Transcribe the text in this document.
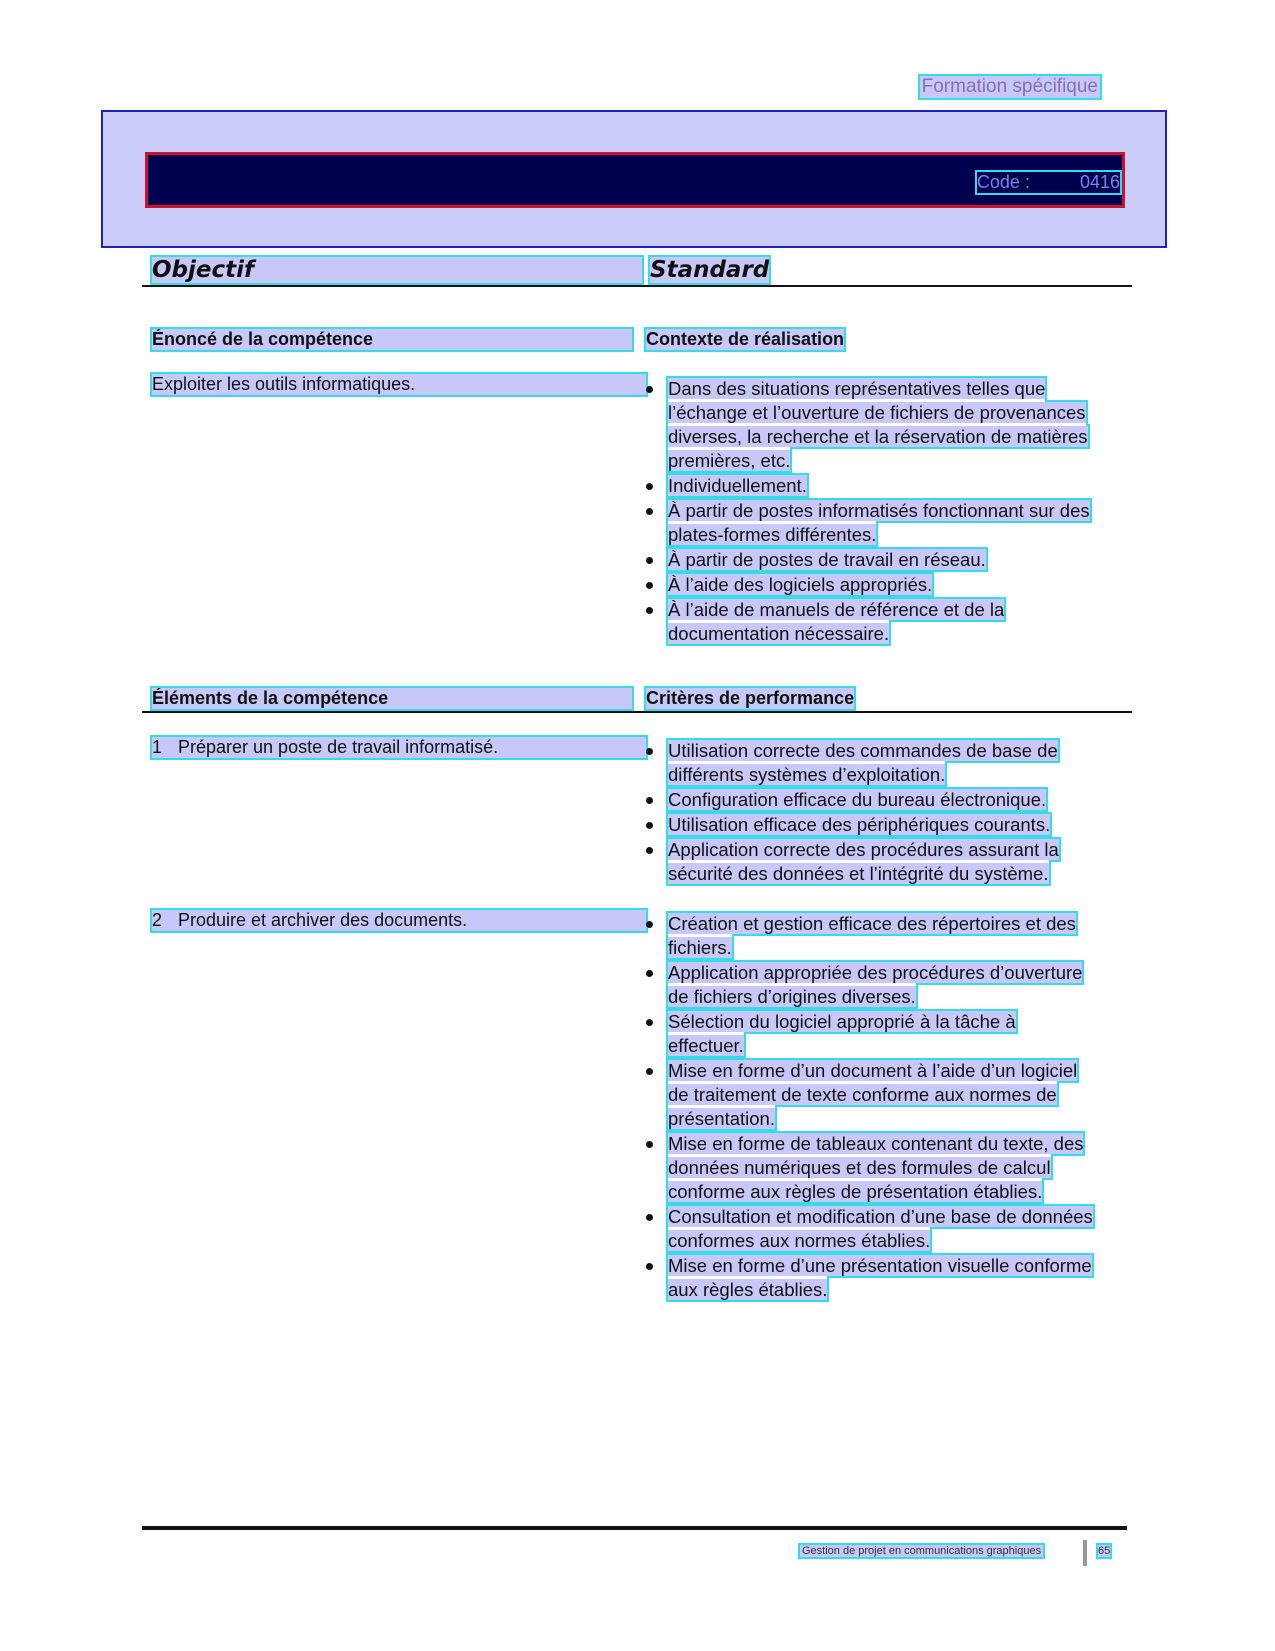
Formation spécifique
Code :	0416
Objectif	Standard
Énoncé de la compétence	Contexte de réalisation
Exploiter les outils informatiques.	Dans des situations représentatives telles que l’échange et l’ouverture de fichiers de provenances diverses, la recherche et la réservation de matières premières, etc.
Individuellement.
À partir de postes informatisés fonctionnant sur des plates-formes différentes.
À partir de postes de travail en réseau.
À l’aide des logiciels appropriés.
À l’aide de manuels de référence et de la documentation nécessaire.
Éléments de la compétence	Critères de performance
1 Préparer un poste de travail informatisé.	Utilisation correcte des commandes de base de différents systèmes d’exploitation.
Configuration efficace du bureau électronique.
Utilisation efficace des périphériques courants.
Application correcte des procédures assurant la sécurité des données et l’intégrité du système.
2 Produire et archiver des documents.	Création et gestion efficace des répertoires et des fichiers.
Application appropriée des procédures d’ouverture de fichiers d’origines diverses.
Sélection du logiciel approprié à la tâche à effectuer.
Mise en forme d’un document à l’aide d’un logiciel de traitement de texte conforme aux normes de présentation.
Mise en forme de tableaux contenant du texte, des données numériques et des formules de calcul conforme aux règles de présentation établies.
Consultation et modification d’une base de données conformes aux normes établies.
Mise en forme d’une présentation visuelle conforme aux règles établies.
Gestion de projet en communications graphiques	65
